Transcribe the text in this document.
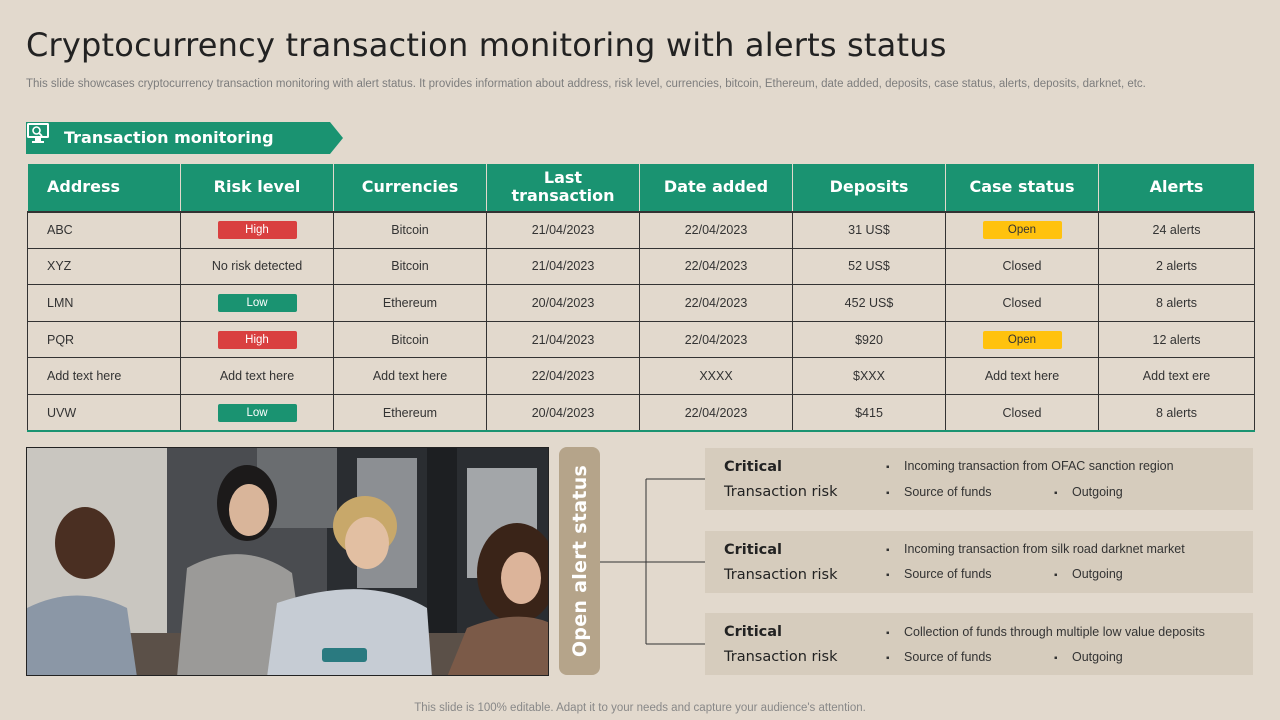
Cryptocurrency transaction monitoring with alerts status
This slide showcases cryptocurrency transaction monitoring with alert status. It provides information about address, risk level, currencies, bitcoin, Ethereum, date added, deposits, case status, alerts, deposits, darknet, etc.
Transaction monitoring
Address	Risk level	Currencies	Last transaction	Date added	Deposits	Case status	Alerts
ABC	High	Bitcoin	21/04/2023	22/04/2023	31 US$	Open	24 alerts
XYZ	No risk detected	Bitcoin	21/04/2023	22/04/2023	52 US$	Closed	2 alerts
LMN	Low	Ethereum	20/04/2023	22/04/2023	452 US$	Closed	8 alerts
PQR	High	Bitcoin	21/04/2023	22/04/2023	$920	Open	12 alerts
Add text here	Add text here	Add text here	22/04/2023	XXXX	$XXX	Add text here	Add text ere
UVW	Low	Ethereum	20/04/2023	22/04/2023	$415	Closed	8 alerts
Open alert status	Critical
Transaction risk
▪ Incoming transaction from OFAC sanction region
▪ Source of funds	▪ Outgoing
Critical
Transaction risk
▪ Incoming transaction from silk road darknet market
▪ Source of funds	▪ Outgoing
Critical
Transaction risk
▪ Collection of funds through multiple low value deposits
▪ Source of funds	▪ Outgoing
This slide is 100% editable. Adapt it to your needs and capture your audience's attention.
